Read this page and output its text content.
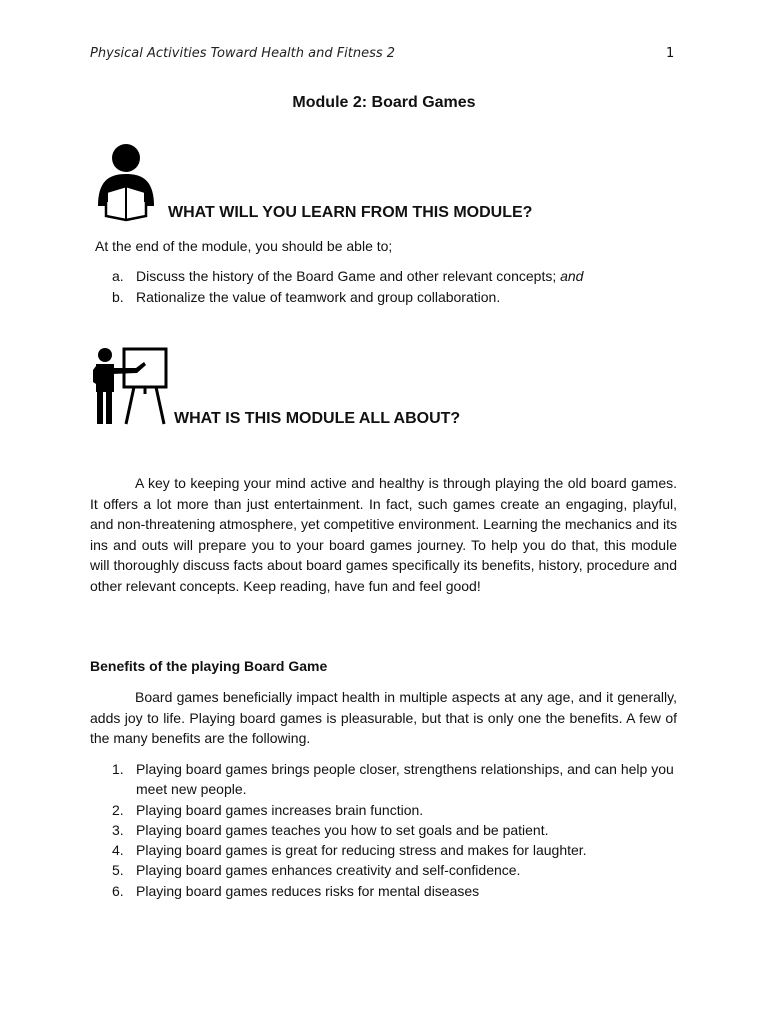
Physical Activities Toward Health and Fitness 2	1
Module 2: Board Games
WHAT WILL YOU LEARN FROM THIS MODULE?
At the end of the module, you should be able to;
a. Discuss the history of the Board Game and other relevant concepts; and
b. Rationalize the value of teamwork and group collaboration.
WHAT IS THIS MODULE ALL ABOUT?

A key to keeping your mind active and healthy is through playing the old board games. It offers a lot more than just entertainment. In fact, such games create an engaging, playful, and non-threatening atmosphere, yet competitive environment. Learning the mechanics and its ins and outs will prepare you to your board games journey. To help you do that, this module will thoroughly discuss facts about board games specifically its benefits, history, procedure and other relevant concepts. Keep reading, have fun and feel good!

Benefits of the playing Board Game

Board games beneficially impact health in multiple aspects at any age, and it generally, adds joy to life. Playing board games is pleasurable, but that is only one the benefits. A few of the many benefits are the following.

1. Playing board games brings people closer, strengthens relationships, and can help you meet new people.
2. Playing board games increases brain function.
3. Playing board games teaches you how to set goals and be patient.
4. Playing board games is great for reducing stress and makes for laughter.
5. Playing board games enhances creativity and self-confidence.
6. Playing board games reduces risks for mental diseases
